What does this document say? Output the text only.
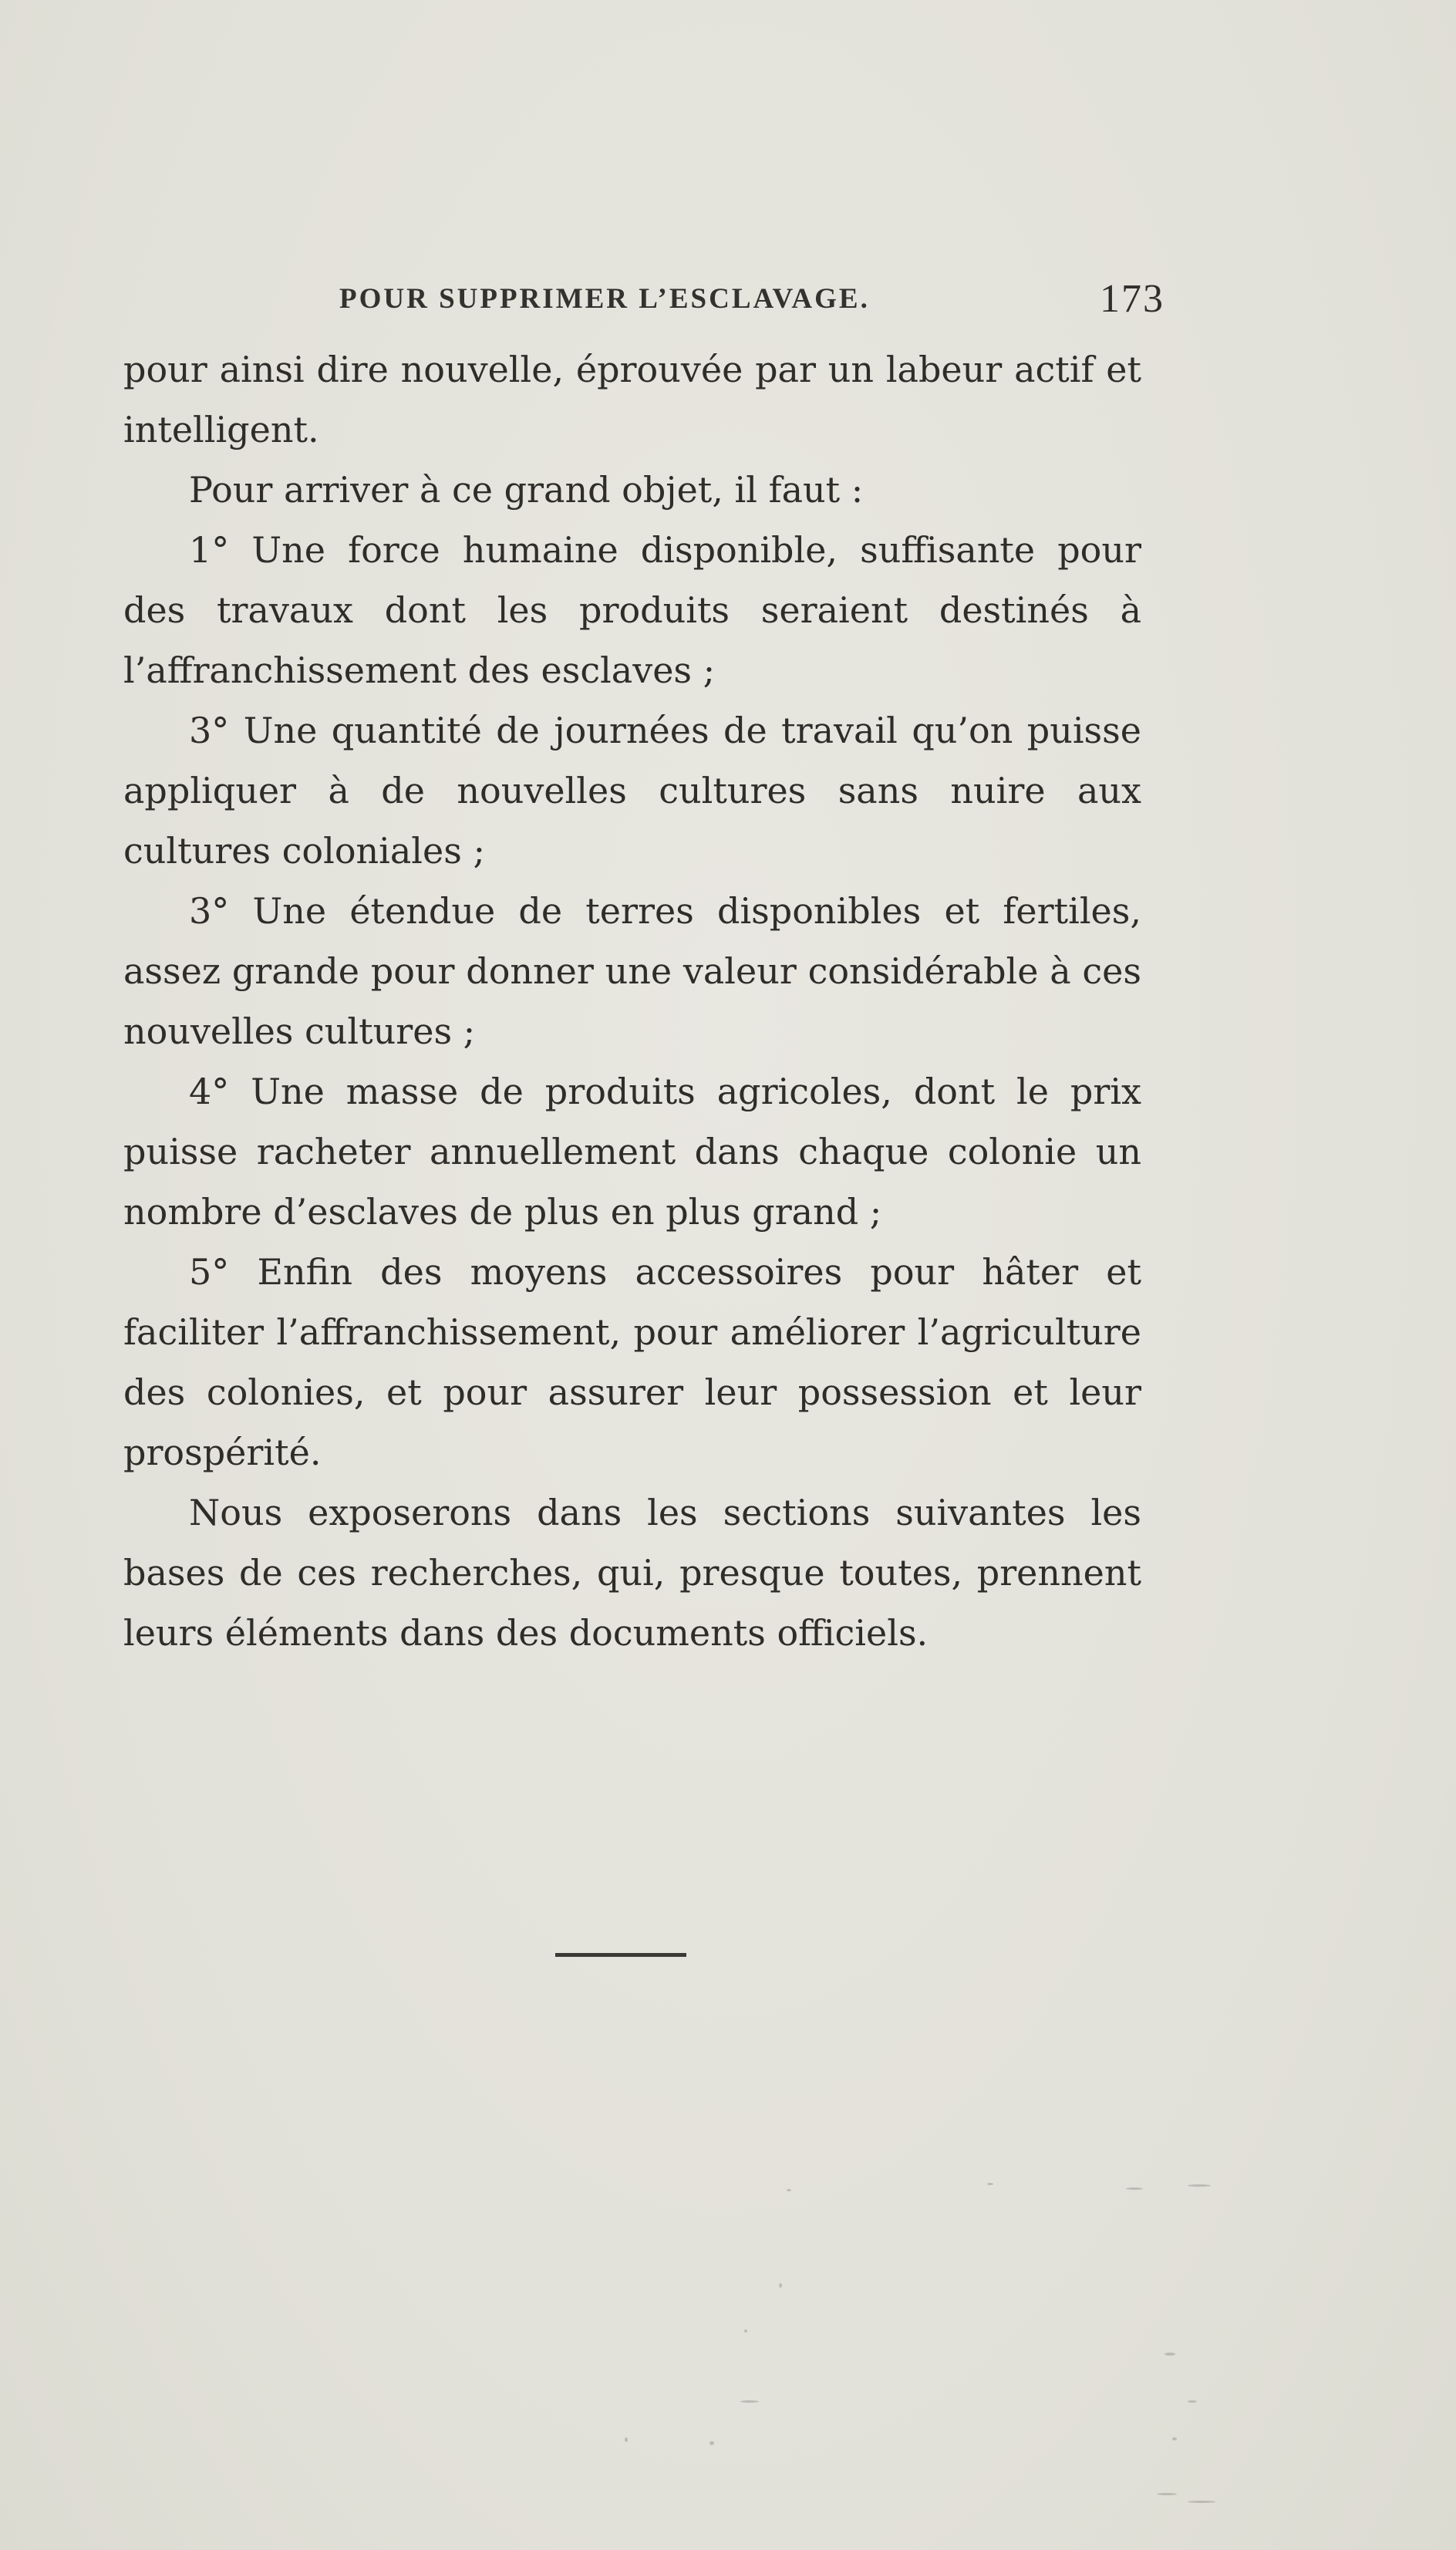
POUR SUPPRIMER L’ESCLAVAGE.	173

pour ainsi dire nouvelle, éprouvée par un labeur actif et intelligent.

Pour arriver à ce grand objet, il faut :

1° Une force humaine disponible, suffisante pour des travaux dont les produits seraient destinés à l’affranchissement des esclaves ;

3° Une quantité de journées de travail qu’on puisse appliquer à de nouvelles cultures sans nuire aux cultures coloniales ;

3° Une étendue de terres disponibles et fertiles, assez grande pour donner une valeur considérable à ces nouvelles cultures ;

4° Une masse de produits agricoles, dont le prix puisse racheter annuellement dans chaque colonie un nombre d’esclaves de plus en plus grand ;

5° Enfin des moyens accessoires pour hâter et faciliter l’affranchissement, pour améliorer l’agriculture des colonies, et pour assurer leur possession et leur prospérité.

Nous exposerons dans les sections suivantes les bases de ces recherches, qui, presque toutes, prennent leurs éléments dans des documents officiels.
